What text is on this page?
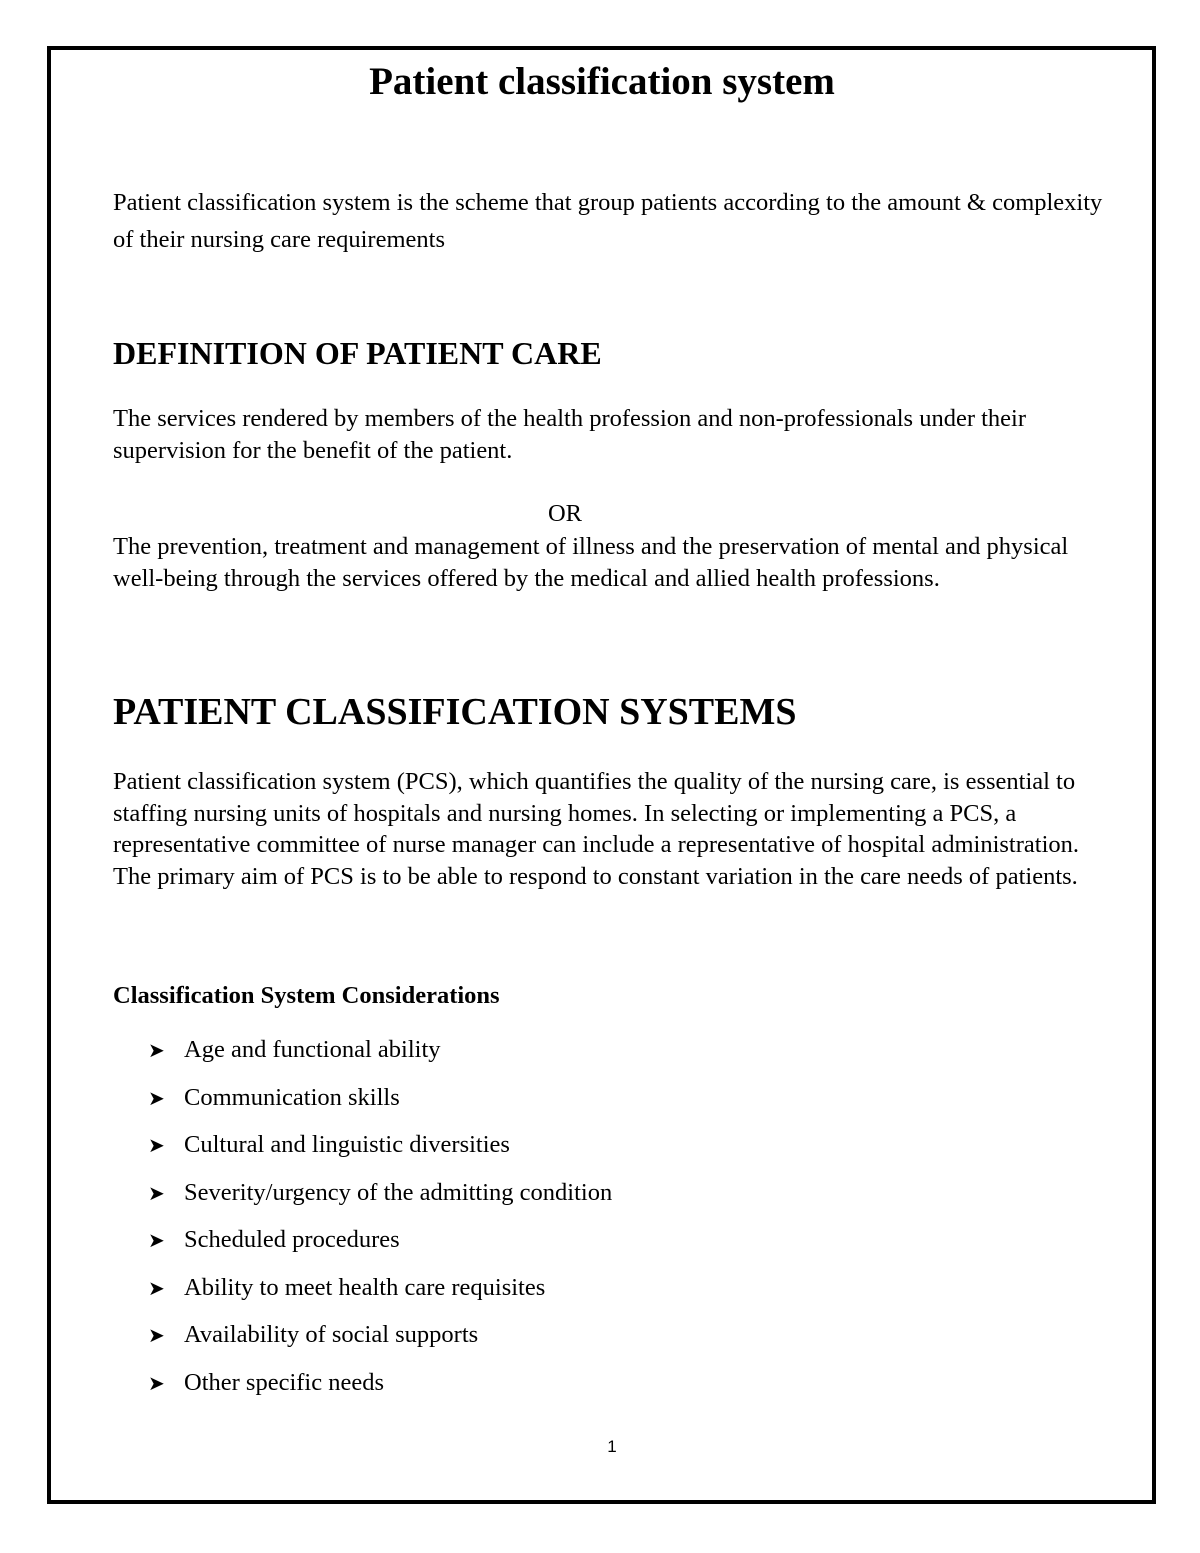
Patient classification system

Patient classification system is the scheme that group patients according to the amount & complexity of their nursing care requirements

DEFINITION OF PATIENT CARE

The services rendered by members of the health profession and non-professionals under their supervision for the benefit of the patient.

OR

The prevention, treatment and management of illness and the preservation of mental and physical well-being through the services offered by the medical and allied health professions.

PATIENT CLASSIFICATION SYSTEMS

Patient classification system (PCS), which quantifies the quality of the nursing care, is essential to staffing nursing units of hospitals and nursing homes. In selecting or implementing a PCS, a representative committee of nurse manager can include a representative of hospital administration. The primary aim of PCS is to be able to respond to constant variation in the care needs of patients.

Classification System Considerations
➤ Age and functional ability
➤ Communication skills
➤ Cultural and linguistic diversities
➤ Severity/urgency of the admitting condition
➤ Scheduled procedures
➤ Ability to meet health care requisites
➤ Availability of social supports
➤ Other specific needs

1
